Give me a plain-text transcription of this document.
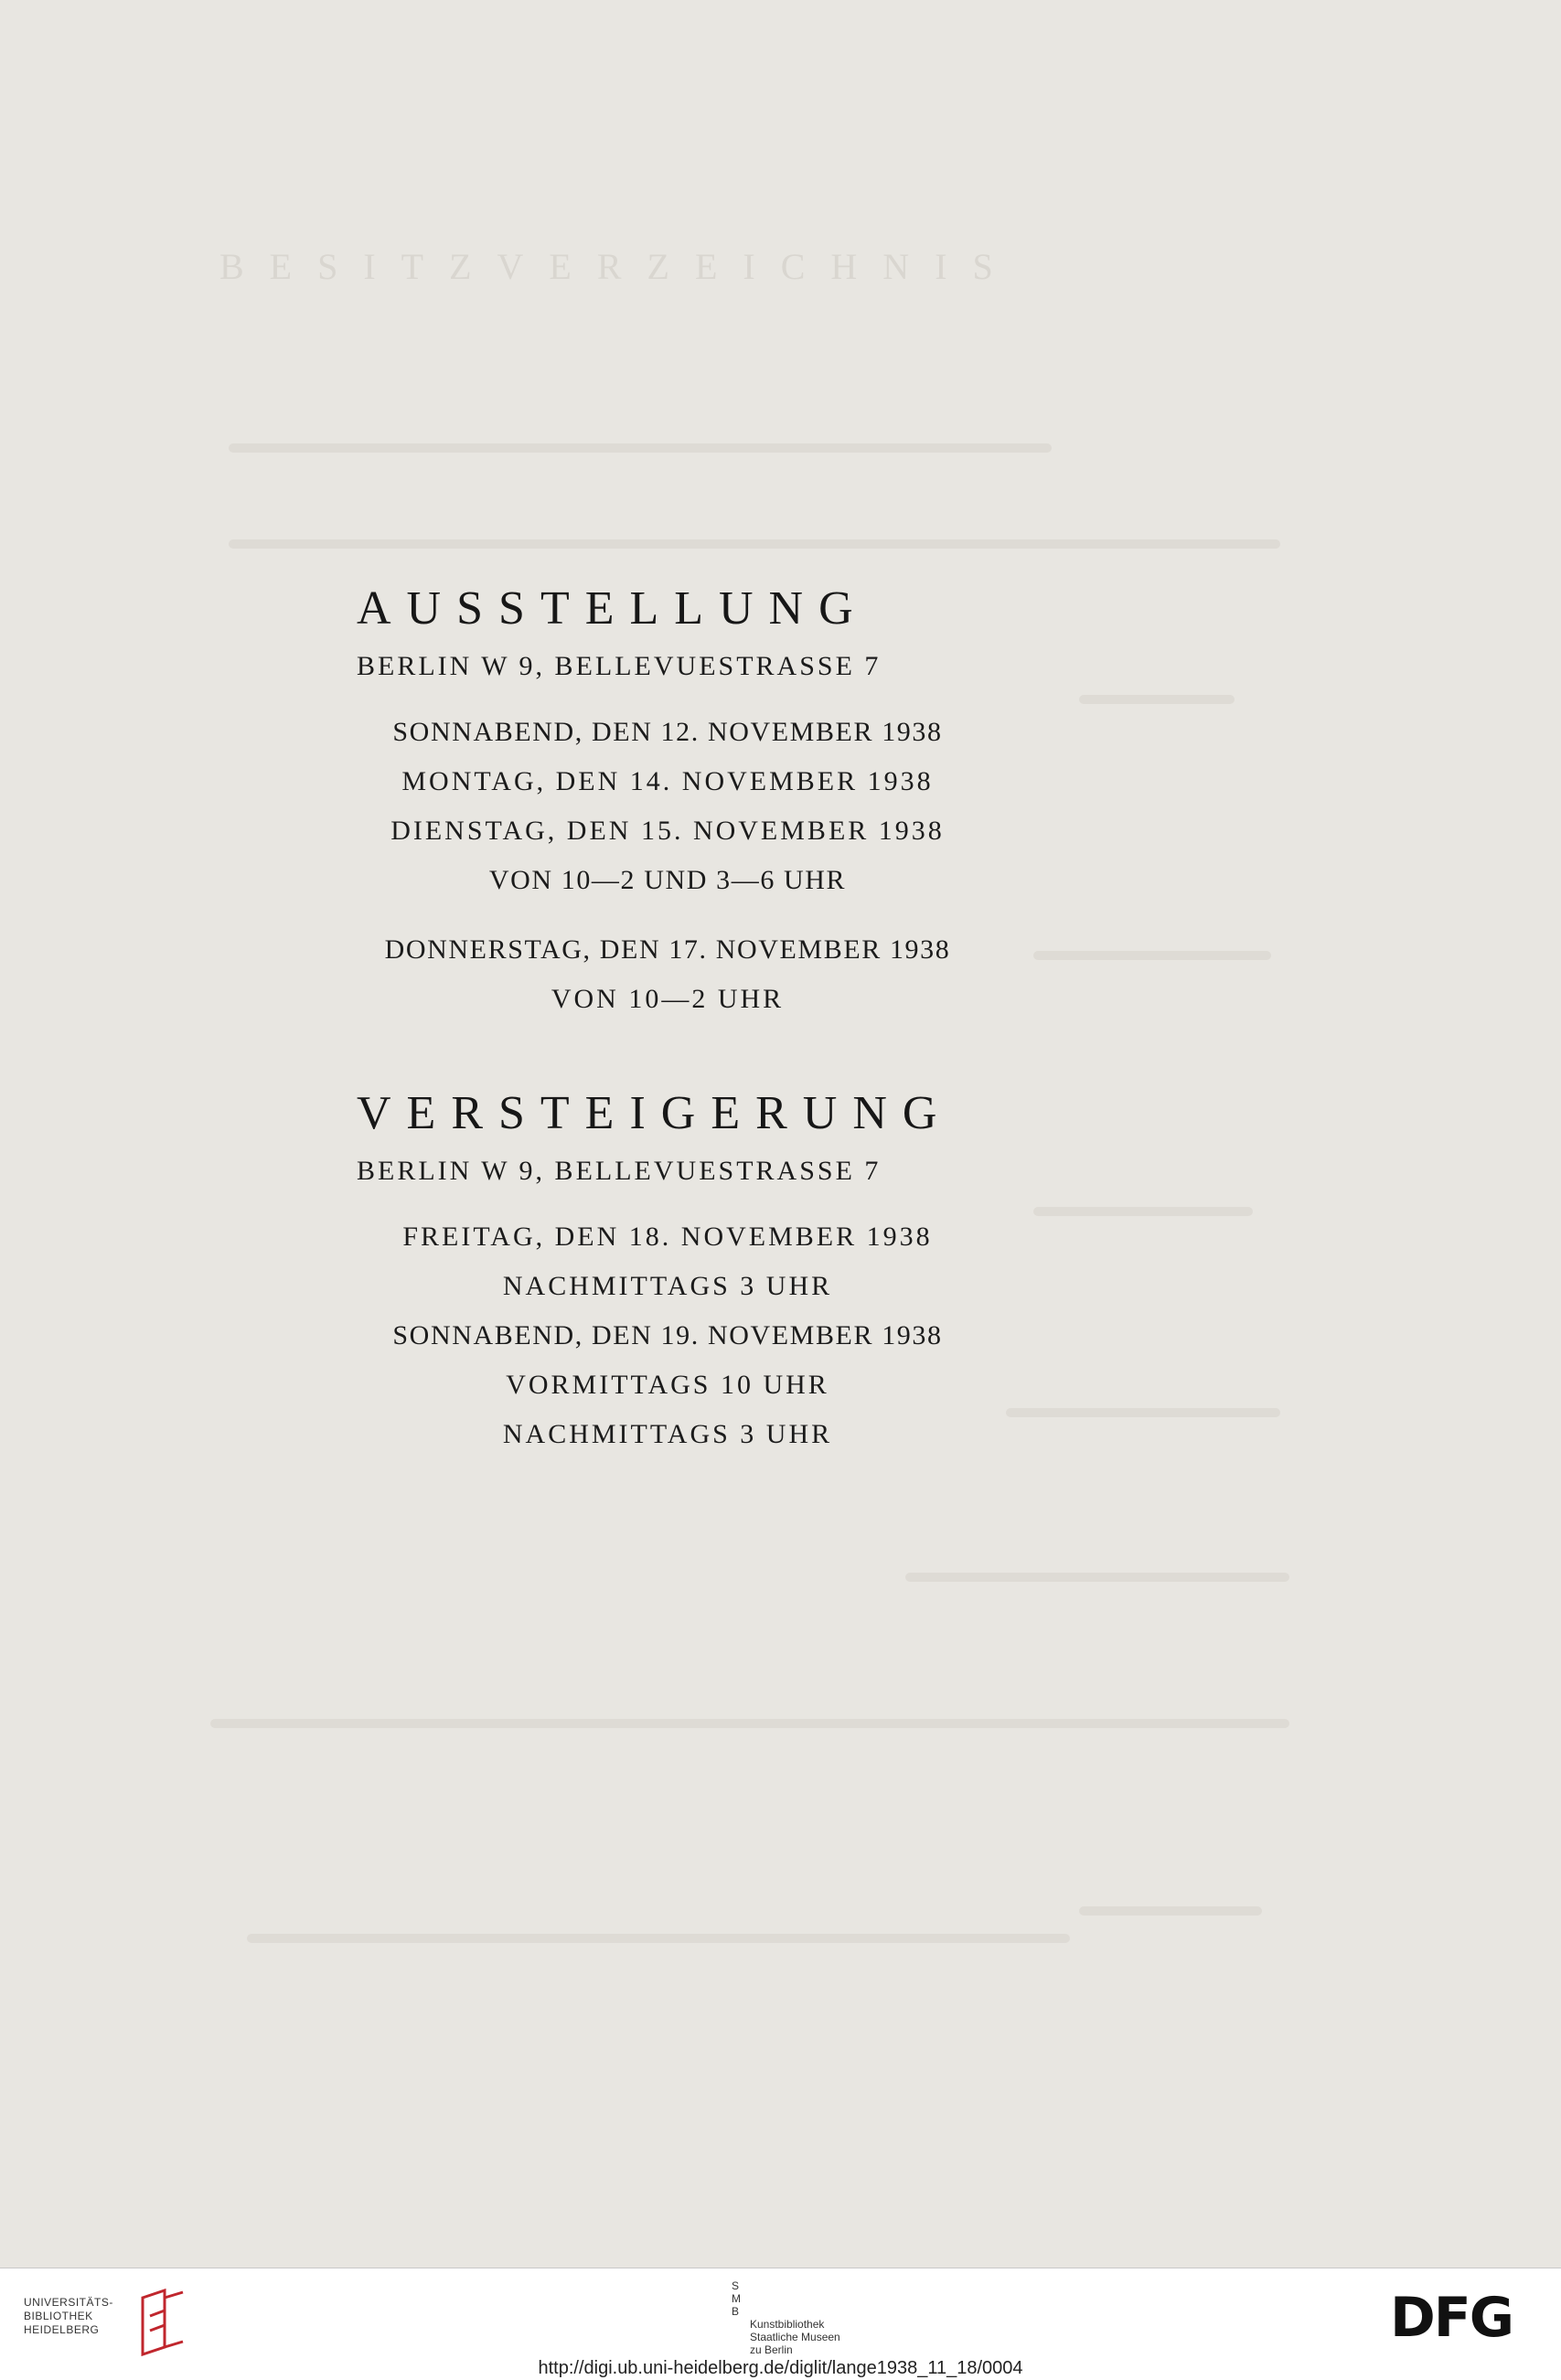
BESITZVERZEICHNIS
AUSSTELLUNG
BERLIN W 9, BELLEVUESTRASSE 7
SONNABEND, DEN 12. NOVEMBER 1938
MONTAG, DEN 14. NOVEMBER 1938
DIENSTAG, DEN 15. NOVEMBER 1938
VON 10—2 UND 3—6 UHR
DONNERSTAG, DEN 17. NOVEMBER 1938
VON 10—2 UHR
VERSTEIGERUNG
BERLIN W 9, BELLEVUESTRASSE 7
FREITAG, DEN 18. NOVEMBER 1938
NACHMITTAGS 3 UHR
SONNABEND, DEN 19. NOVEMBER 1938
VORMITTAGS 10 UHR
NACHMITTAGS 3 UHR
UNIVERSITÄTS-
BIBLIOTHEK
HEIDELBERG
S
M
B
Kunstbibliothek
Staatliche Museen
zu Berlin	DFG
http://digi.ub.uni-heidelberg.de/diglit/lange1938_11_18/0004
